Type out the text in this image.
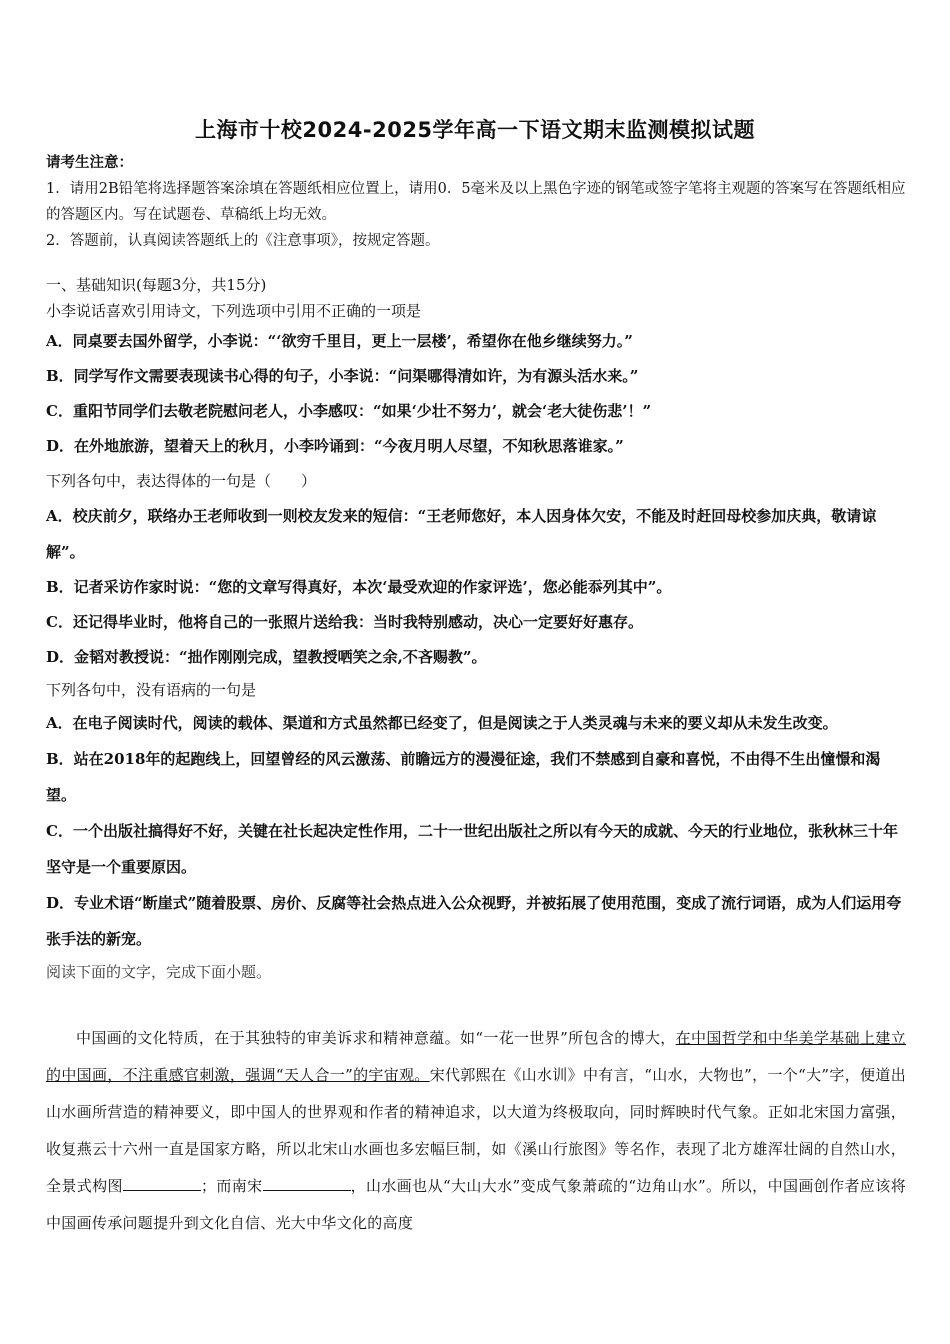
上海市十校2024-2025学年高一下语文期末监测模拟试题
请考生注意：
1．请用2B铅笔将选择题答案涂填在答题纸相应位置上，请用0．5毫米及以上黑色字迹的钢笔或签字笔将主观题的答案写在答题纸相应的答题区内。写在试题卷、草稿纸上均无效。
2．答题前，认真阅读答题纸上的《注意事项》，按规定答题。
一、基础知识(每题3分，共15分)
小李说话喜欢引用诗文，下列选项中引用不正确的一项是
A．同桌要去国外留学，小李说：“‘欲穷千里目，更上一层楼’，希望你在他乡继续努力。”
B．同学写作文需要表现读书心得的句子，小李说：“问渠哪得清如许，为有源头活水来。”
C．重阳节同学们去敬老院慰问老人，小李感叹：“如果‘少壮不努力’，就会‘老大徒伤悲’！”
D．在外地旅游，望着天上的秋月，小李吟诵到：“今夜月明人尽望，不知秋思落谁家。”
下列各句中，表达得体的一句是（　　）
A．校庆前夕，联络办王老师收到一则校友发来的短信：“王老师您好，本人因身体欠安，不能及时赶回母校参加庆典，敬请谅解”。
B．记者采访作家时说：“您的文章写得真好，本次‘最受欢迎的作家评选’，您必能忝列其中”。
C．还记得毕业时，他将自己的一张照片送给我：当时我特别感动，决心一定要好好惠存。
D．金韬对教授说：“拙作刚刚完成，望教授哂笑之余,不吝赐教”。
下列各句中，没有语病的一句是
A．在电子阅读时代，阅读的载体、渠道和方式虽然都已经变了，但是阅读之于人类灵魂与未来的要义却从未发生改变。
B．站在2018年的起跑线上，回望曾经的风云激荡、前瞻远方的漫漫征途，我们不禁感到自豪和喜悦，不由得不生出憧憬和渴望。
C．一个出版社搞得好不好，关键在社长起决定性作用，二十一世纪出版社之所以有今天的成就、今天的行业地位，张秋林三十年坚守是一个重要原因。
D．专业术语“断崖式”随着股票、房价、反腐等社会热点进入公众视野，并被拓展了使用范围，变成了流行词语，成为人们运用夸张手法的新宠。
阅读下面的文字，完成下面小题。
中国画的文化特质，在于其独特的审美诉求和精神意蕴。如“一花一世界”所包含的博大，在中国哲学和中华美学基础上建立的中国画，不注重感官刺激，强调“天人合一”的宇宙观。宋代郭熙在《山水训》中有言，“山水，大物也”，一个“大”字，便道出山水画所营造的精神要义，即中国人的世界观和作者的精神追求，以大道为终极取向，同时辉映时代气象。正如北宋国力富强，收复燕云十六州一直是国家方略，所以北宋山水画也多宏幅巨制，如《溪山行旅图》等名作，表现了北方雄浑壮阔的自然山水，全景式构图	；而南宋	，山水画也从“大山大水”变成气象萧疏的“边角山水”。所以，中国画创作者应该将中国画传承问题提升到文化自信、光大中华文化的高度
